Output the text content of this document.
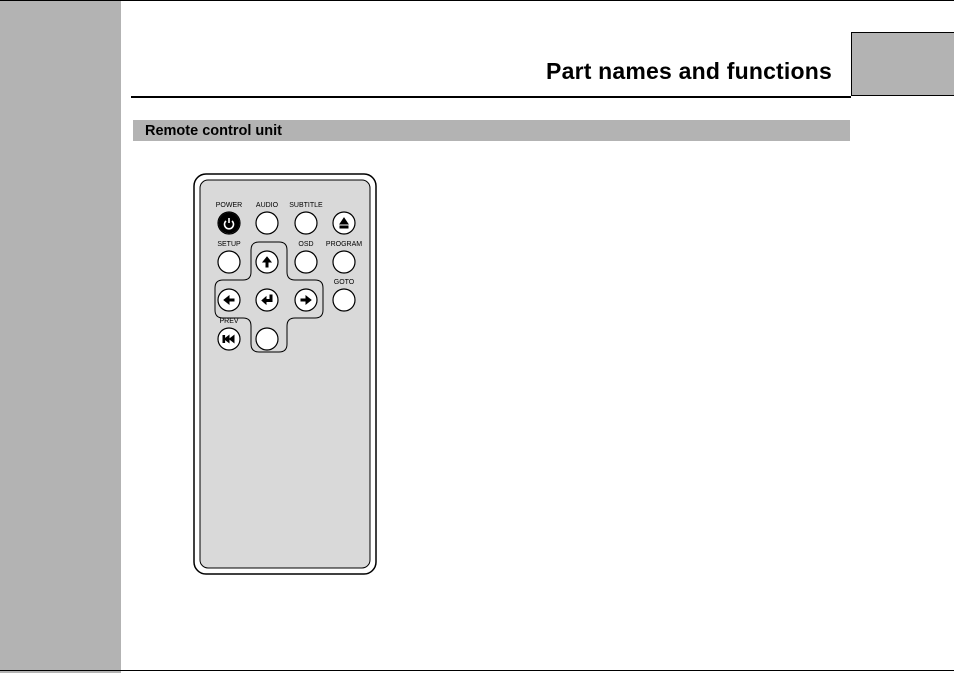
Part names and functions
Remote control unit
POWER AUDIO SUBTITLE
SETUP	OSD PROGRAM
GOTO
PREV
